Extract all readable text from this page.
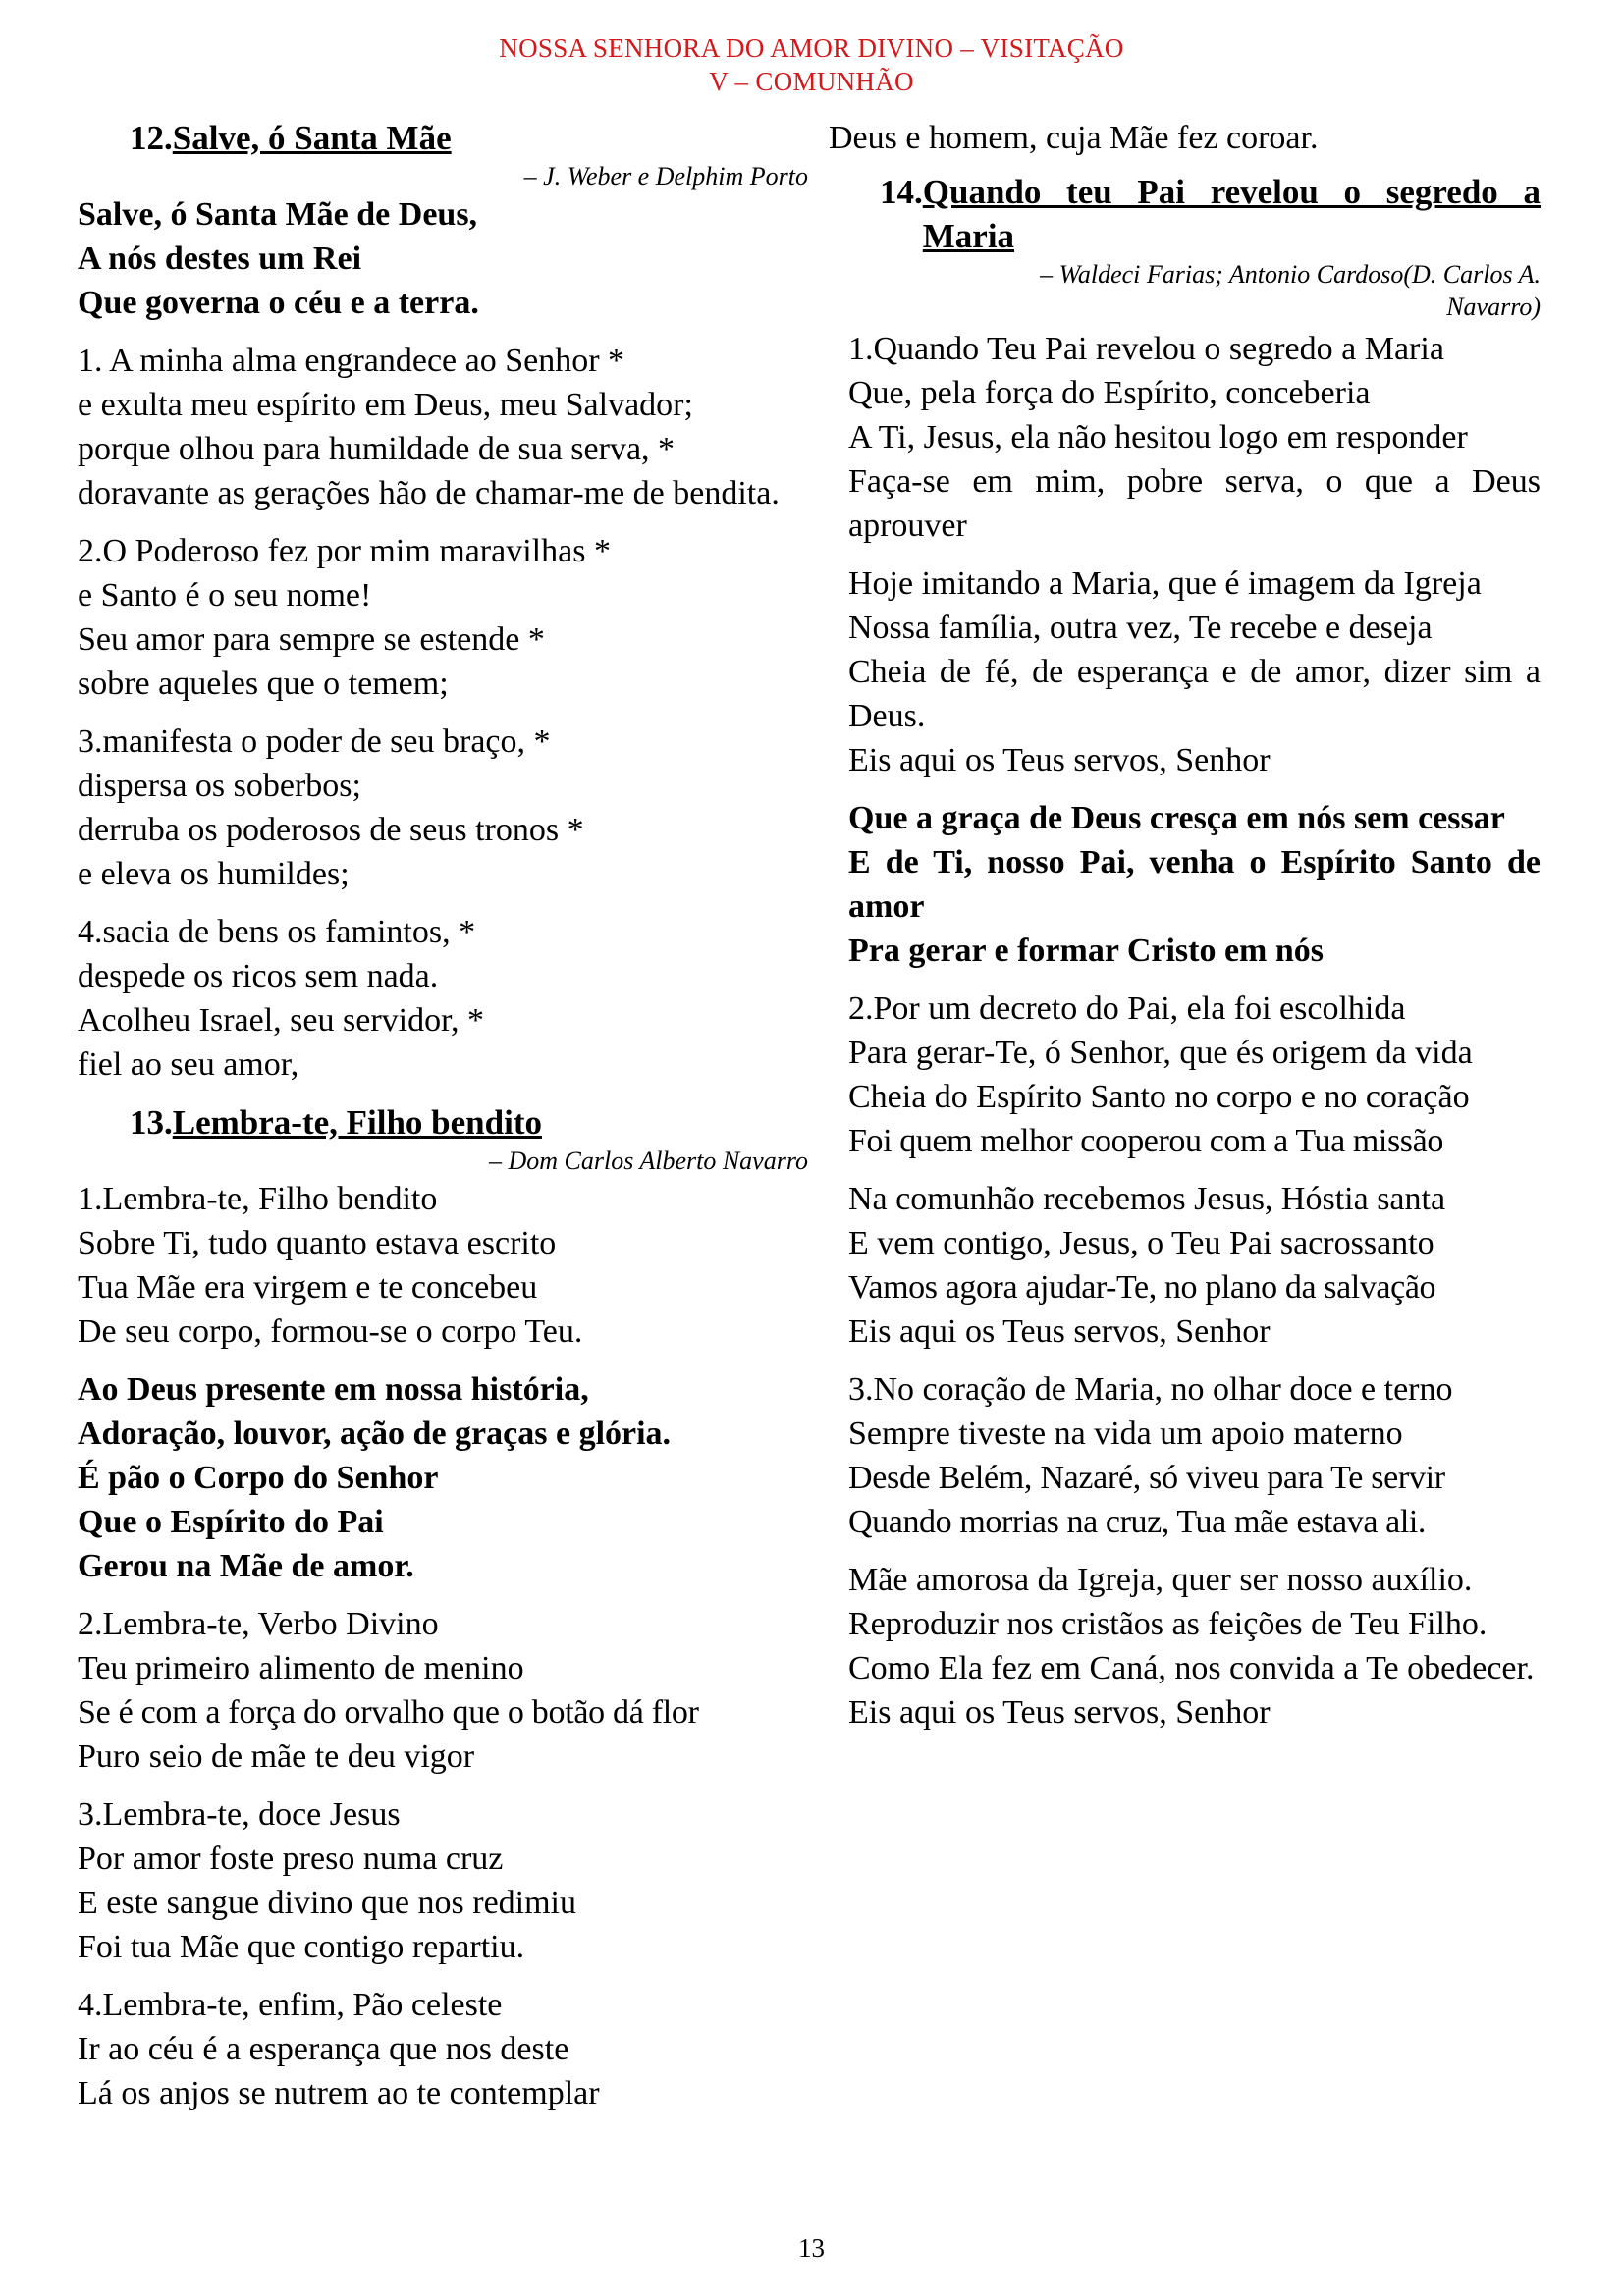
NOSSA SENHORA DO AMOR DIVINO – VISITAÇÃO
V – COMUNHÃO
12. Salve, ó Santa Mãe
– J. Weber e Delphim Porto
Salve, ó Santa Mãe de Deus,
A nós destes um Rei
Que governa o céu e a terra.
1. A minha alma engrandece ao Senhor *
e exulta meu espírito em Deus, meu Salvador;
porque olhou para humildade de sua serva, *
doravante as gerações hão de chamar-me de bendita.
2.O Poderoso fez por mim maravilhas *
e Santo é o seu nome!
Seu amor para sempre se estende *
sobre aqueles que o temem;
3.manifesta o poder de seu braço, *
dispersa os soberbos;
derruba os poderosos de seus tronos *
e eleva os humildes;
4.sacia de bens os famintos, *
despede os ricos sem nada.
Acolheu Israel, seu servidor, *
fiel ao seu amor,
13. Lembra-te, Filho bendito
– Dom Carlos Alberto Navarro
1.Lembra-te, Filho bendito
Sobre Ti, tudo quanto estava escrito
Tua Mãe era virgem e te concebeu
De seu corpo, formou-se o corpo Teu.
Ao Deus presente em nossa história,
Adoração, louvor, ação de graças e glória.
É pão o Corpo do Senhor
Que o Espírito do Pai
Gerou na Mãe de amor.
2.Lembra-te, Verbo Divino
Teu primeiro alimento de menino
Se é com a força do orvalho que o botão dá flor
Puro seio de mãe te deu vigor
3.Lembra-te, doce Jesus
Por amor foste preso numa cruz
E este sangue divino que nos redimiu
Foi tua Mãe que contigo repartiu.
4.Lembra-te, enfim, Pão celeste
Ir ao céu é a esperança que nos deste
Lá os anjos se nutrem ao te contemplar
Deus e homem, cuja Mãe fez coroar.
14. Quando teu Pai revelou o segredo a Maria
– Waldeci Farias; Antonio Cardoso(D. Carlos A. Navarro)
1.Quando Teu Pai revelou o segredo a Maria
Que, pela força do Espírito, conceberia
A Ti, Jesus, ela não hesitou logo em responder
Faça-se em mim, pobre serva, o que a Deus aprouver
Hoje imitando a Maria, que é imagem da Igreja
Nossa família, outra vez, Te recebe e deseja
Cheia de fé, de esperança e de amor, dizer sim a Deus.
Eis aqui os Teus servos, Senhor
Que a graça de Deus cresça em nós sem cessar
E de Ti, nosso Pai, venha o Espírito Santo de amor
Pra gerar e formar Cristo em nós
2.Por um decreto do Pai, ela foi escolhida
Para gerar-Te, ó Senhor, que és origem da vida
Cheia do Espírito Santo no corpo e no coração
Foi quem melhor cooperou com a Tua missão
Na comunhão recebemos Jesus, Hóstia santa
E vem contigo, Jesus, o Teu Pai sacrossanto
Vamos agora ajudar-Te, no plano da salvação
Eis aqui os Teus servos, Senhor
3.No coração de Maria, no olhar doce e terno
Sempre tiveste na vida um apoio materno
Desde Belém, Nazaré, só viveu para Te servir
Quando morrias na cruz, Tua mãe estava ali.
Mãe amorosa da Igreja, quer ser nosso auxílio.
Reproduzir nos cristãos as feições de Teu Filho.
Como Ela fez em Caná, nos convida a Te obedecer.
Eis aqui os Teus servos, Senhor
13
